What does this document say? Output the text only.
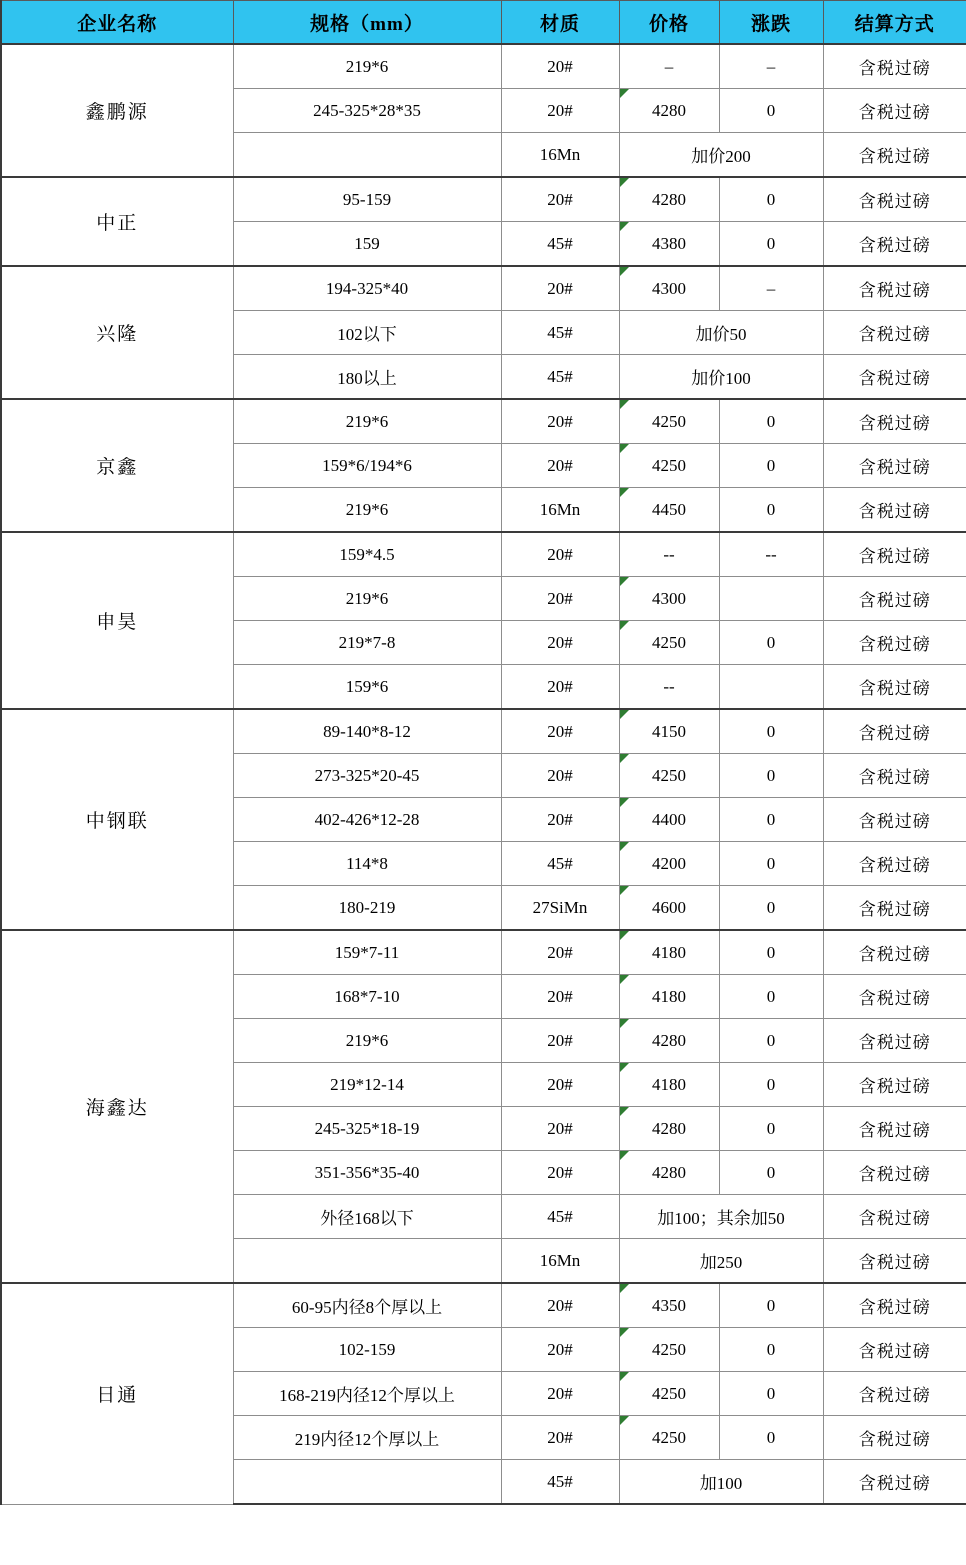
企业名称	规格（mm）	材质	价格	涨跌	结算方式
鑫鹏源	219*6	20#	–	–	含税过磅
	245-325*28*35	20#	4280	0	含税过磅
		16Mn	加价200		含税过磅
中正	95-159	20#	4280	0	含税过磅
	159	45#	4380	0	含税过磅
兴隆	194-325*40	20#	4300	–	含税过磅
	102以下	45#	加价50		含税过磅
	180以上	45#	加价100		含税过磅
京鑫	219*6	20#	4250	0	含税过磅
	159*6/194*6	20#	4250	0	含税过磅
	219*6	16Mn	4450	0	含税过磅
申昊	159*4.5	20#	--	--	含税过磅
	219*6	20#	4300		含税过磅
	219*7-8	20#	4250	0	含税过磅
	159*6	20#	--		含税过磅
中钢联	89-140*8-12	20#	4150	0	含税过磅
	273-325*20-45	20#	4250	0	含税过磅
	402-426*12-28	20#	4400	0	含税过磅
	114*8	45#	4200	0	含税过磅
	180-219	27SiMn	4600	0	含税过磅
海鑫达	159*7-11	20#	4180	0	含税过磅
	168*7-10	20#	4180	0	含税过磅
	219*6	20#	4280	0	含税过磅
	219*12-14	20#	4180	0	含税过磅
	245-325*18-19	20#	4280	0	含税过磅
	351-356*35-40	20#	4280	0	含税过磅
	外径168以下	45#	加100；其余加50		含税过磅
		16Mn	加250		含税过磅
日通	60-95内径8个厚以上	20#	4350	0	含税过磅
	102-159	20#	4250	0	含税过磅
	168-219内径12个厚以上	20#	4250	0	含税过磅
	219内径12个厚以上	20#	4250	0	含税过磅
		45#	加100		含税过磅
